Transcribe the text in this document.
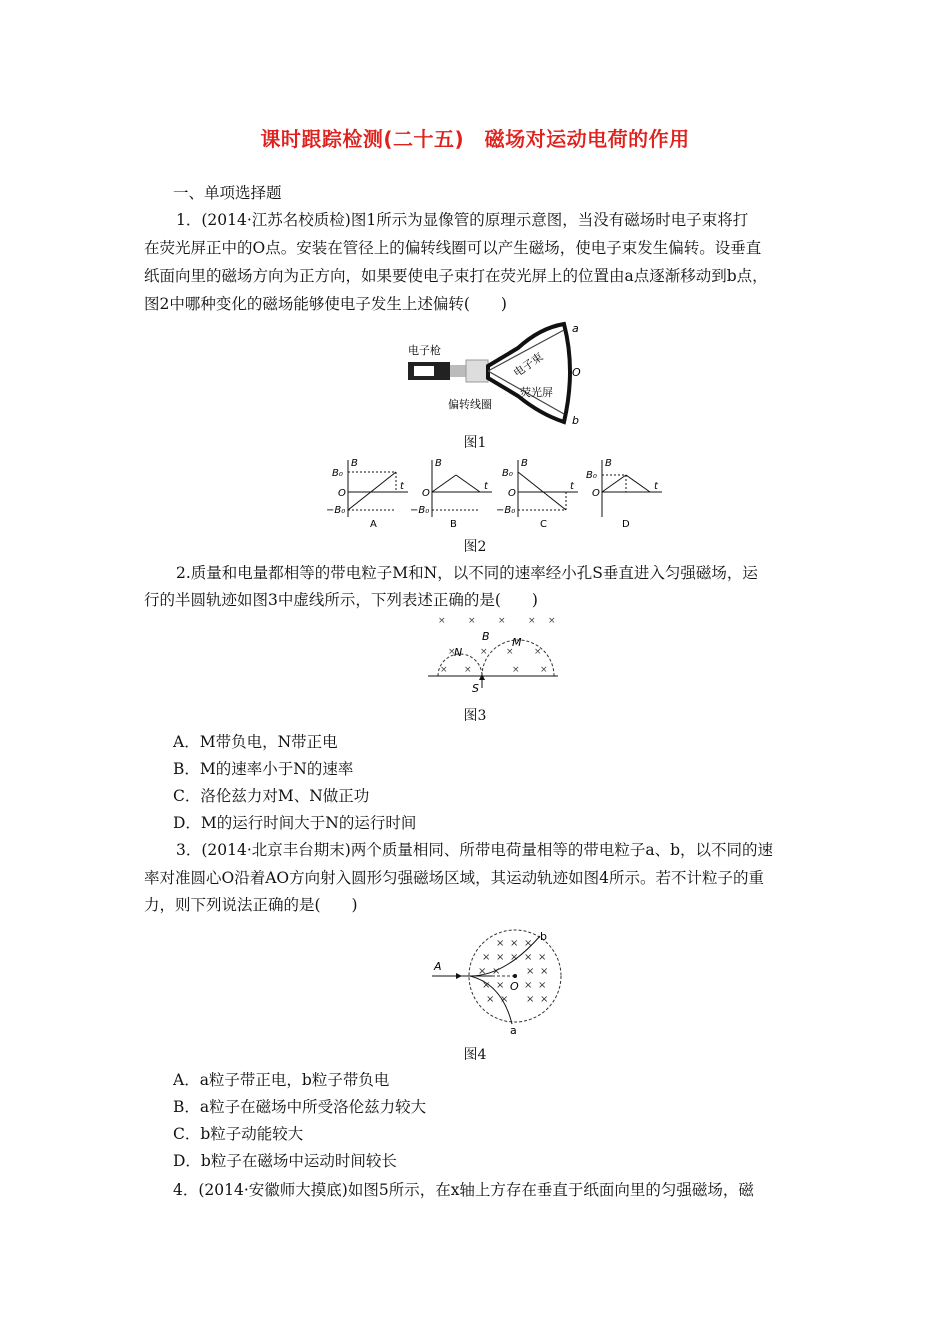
课时跟踪检测(二十五)　磁场对运动电荷的作用
一、单项选择题
1．(2014·江苏名校质检)图1所示为显像管的原理示意图，当没有磁场时电子束将打
在荧光屏正中的O点。安装在管径上的偏转线圈可以产生磁场，使电子束发生偏转。设垂直
纸面向里的磁场方向为正方向，如果要使电子束打在荧光屏上的位置由a点逐渐移动到b点，
图2中哪种变化的磁场能够使电子发生上述偏转(　　)
电子枪
偏转线圈
电子束
荧光屏
a
O
b
图1
B
B₀
O
−B₀
t
A
B
O
−B₀
t
B
B
B₀
O
−B₀
t
C
B
B₀
O
t
D
图2
2.质量和电量都相等的带电粒子M和N，以不同的速率经小孔S垂直进入匀强磁场，运
行的半圆轨迹如图3中虚线所示，下列表述正确的是(　　)
× × × × ×
×	× × ×
× ×	× ×
B
N
M
S
图3
A．M带负电，N带正电
B．M的速率小于N的速率
C．洛伦兹力对M、N做正功
D．M的运行时间大于N的运行时间
3．(2014·北京丰台期末)两个质量相同、所带电荷量相等的带电粒子a、b，以不同的速
率对准圆心O沿着AO方向射入圆形匀强磁场区域，其运动轨迹如图4所示。若不计粒子的重
力，则下列说法正确的是(　　)
× × ×
× × × × ×
× ×	× ×
× × × ×
× × × ×
A
O
b
a
图4
A．a粒子带正电，b粒子带负电
B．a粒子在磁场中所受洛伦兹力较大
C．b粒子动能较大
D．b粒子在磁场中运动时间较长
4．(2014·安徽师大摸底)如图5所示，在x轴上方存在垂直于纸面向里的匀强磁场，磁
